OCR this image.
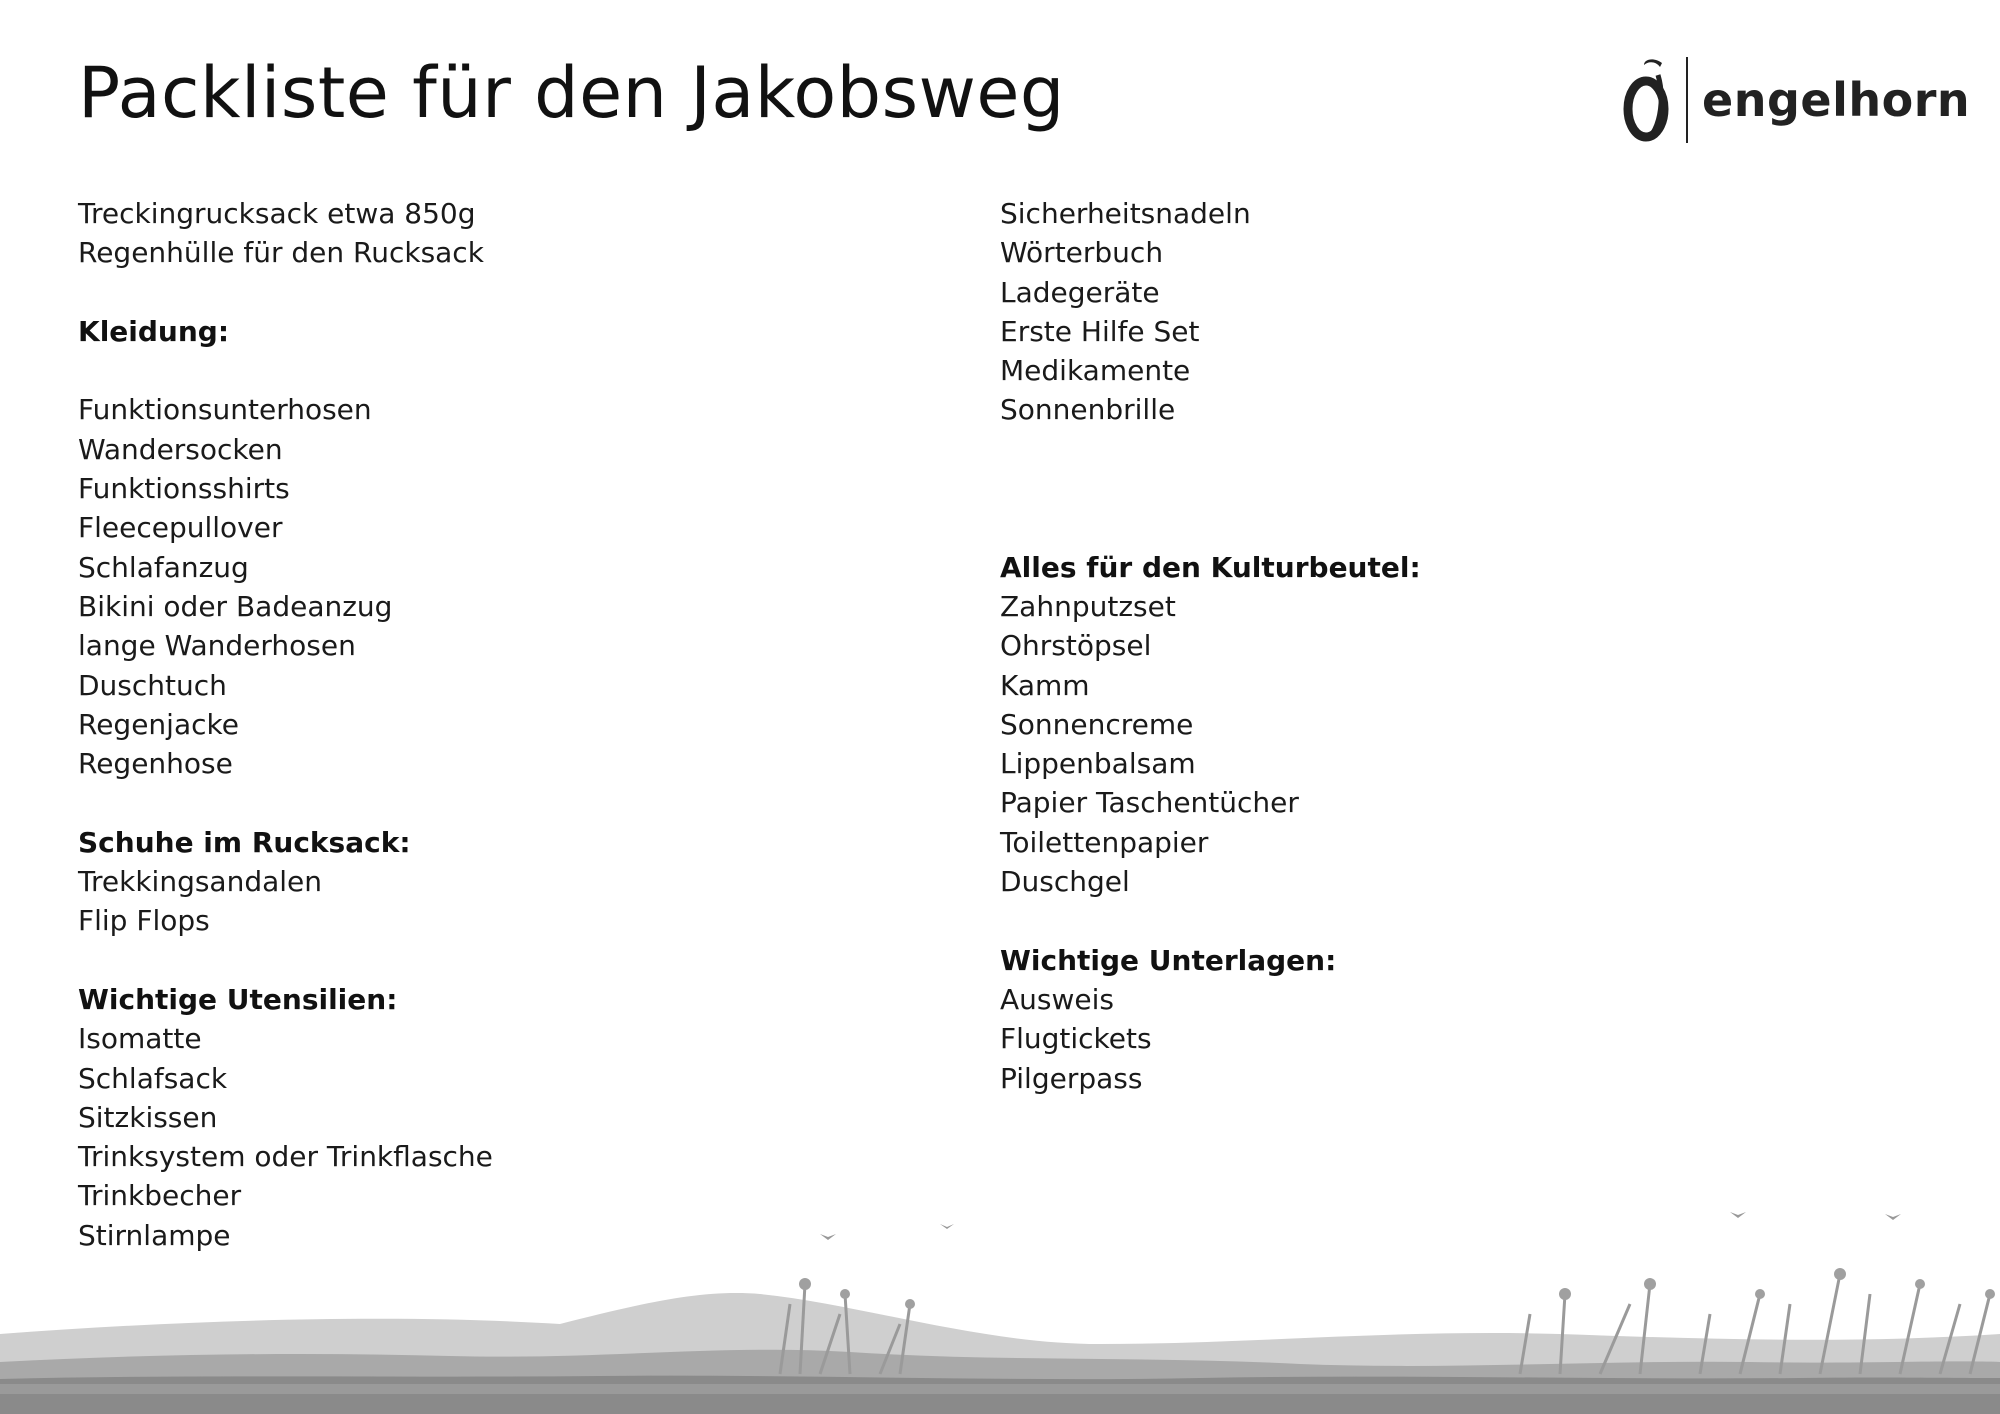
Packliste für den Jakobsweg	engelhorn
Treckingrucksack etwa 850g
Regenhülle für den Rucksack
Kleidung:
Funktionsunterhosen
Wandersocken
Funktionsshirts
Fleecepullover
Schlafanzug
Bikini oder Badeanzug
lange Wanderhosen
Duschtuch
Regenjacke
Regenhose
Schuhe im Rucksack:
Trekkingsandalen
Flip Flops
Wichtige Utensilien:
Isomatte
Schlafsack
Sitzkissen
Trinksystem oder Trinkflasche
Trinkbecher
Stirnlampe
Sicherheitsnadeln
Wörterbuch
Ladegeräte
Erste Hilfe Set
Medikamente
Sonnenbrille
Alles für den Kulturbeutel:
Zahnputzset
Ohrstöpsel
Kamm
Sonnencreme
Lippenbalsam
Papier Taschentücher
Toilettenpapier
Duschgel
Wichtige Unterlagen:
Ausweis
Flugtickets
Pilgerpass
